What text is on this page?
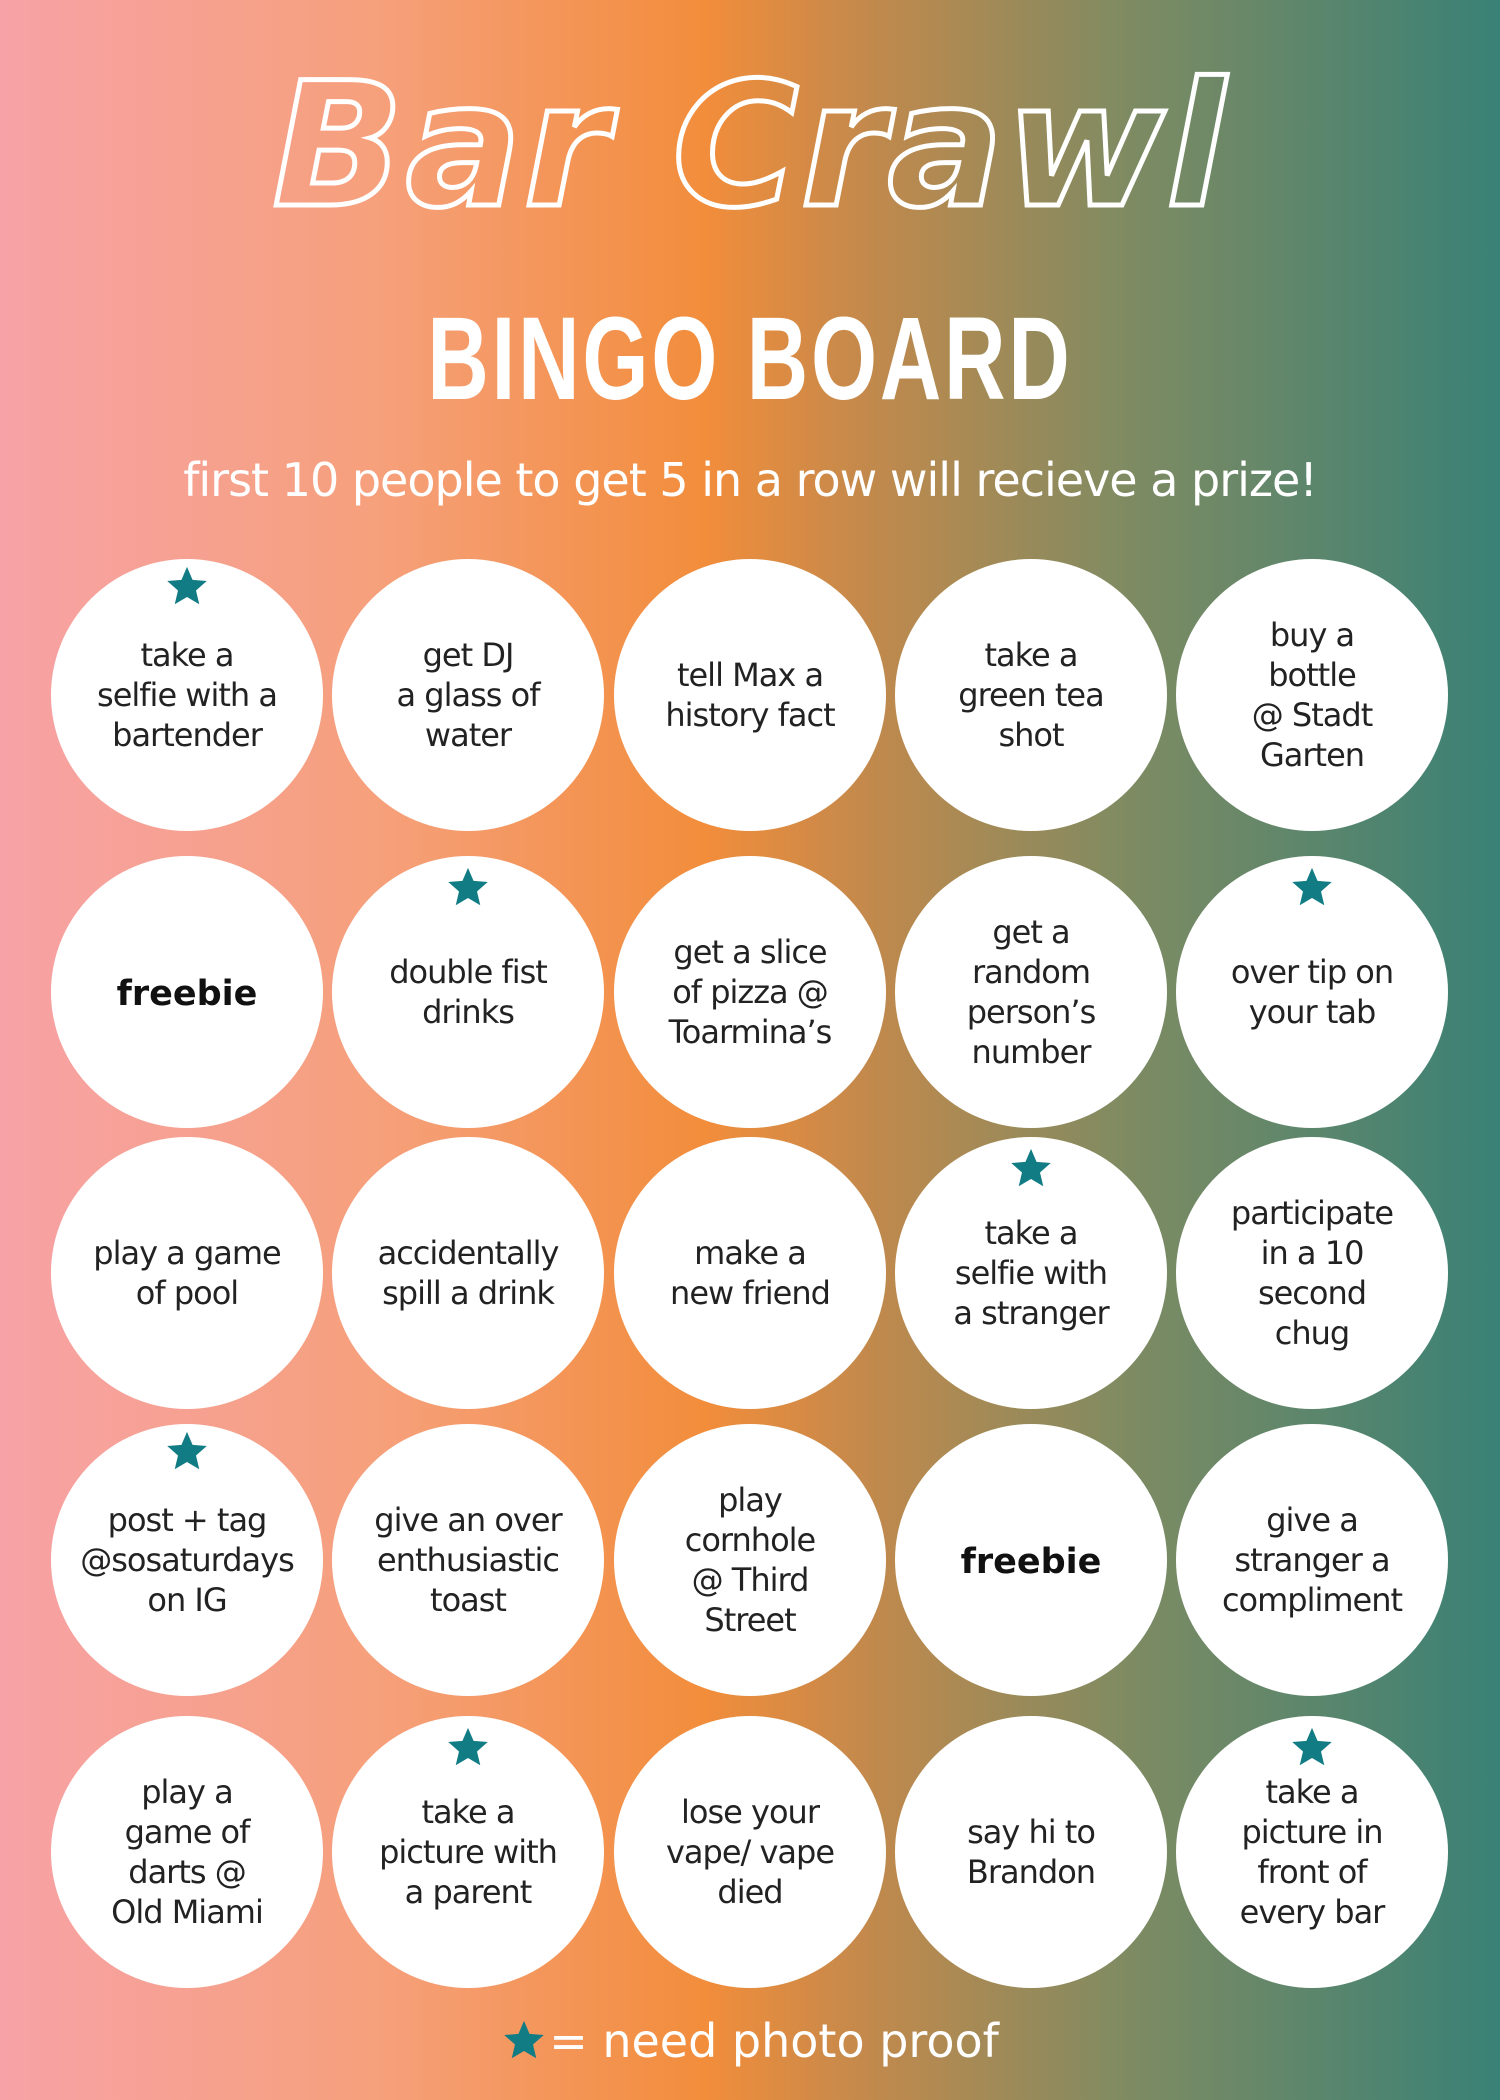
Bar Crawl
BINGO BOARD
first 10 people to get 5 in a row will recieve a prize!
take a
selfie with a
bartender
get DJ
a glass of
water
tell Max a
history fact
take a
green tea
shot
buy a
bottle
@ Stadt
Garten
freebie
double fist
drinks
get a slice
of pizza @
Toarmina’s
get a
random
person’s
number
over tip on
your tab
play a game
of pool
accidentally
spill a drink
make a
new friend
take a
selfie with
a stranger
participate
in a 10
second
chug
post + tag
@sosaturdays
on IG
give an over
enthusiastic
toast
play
cornhole
@ Third
Street
freebie
give a
stranger a
compliment
play a
game of
darts @
Old Miami
take a
picture with
a parent
lose your
vape/ vape
died
say hi to
Brandon
take a
picture in
front of
every bar
= need photo proof
